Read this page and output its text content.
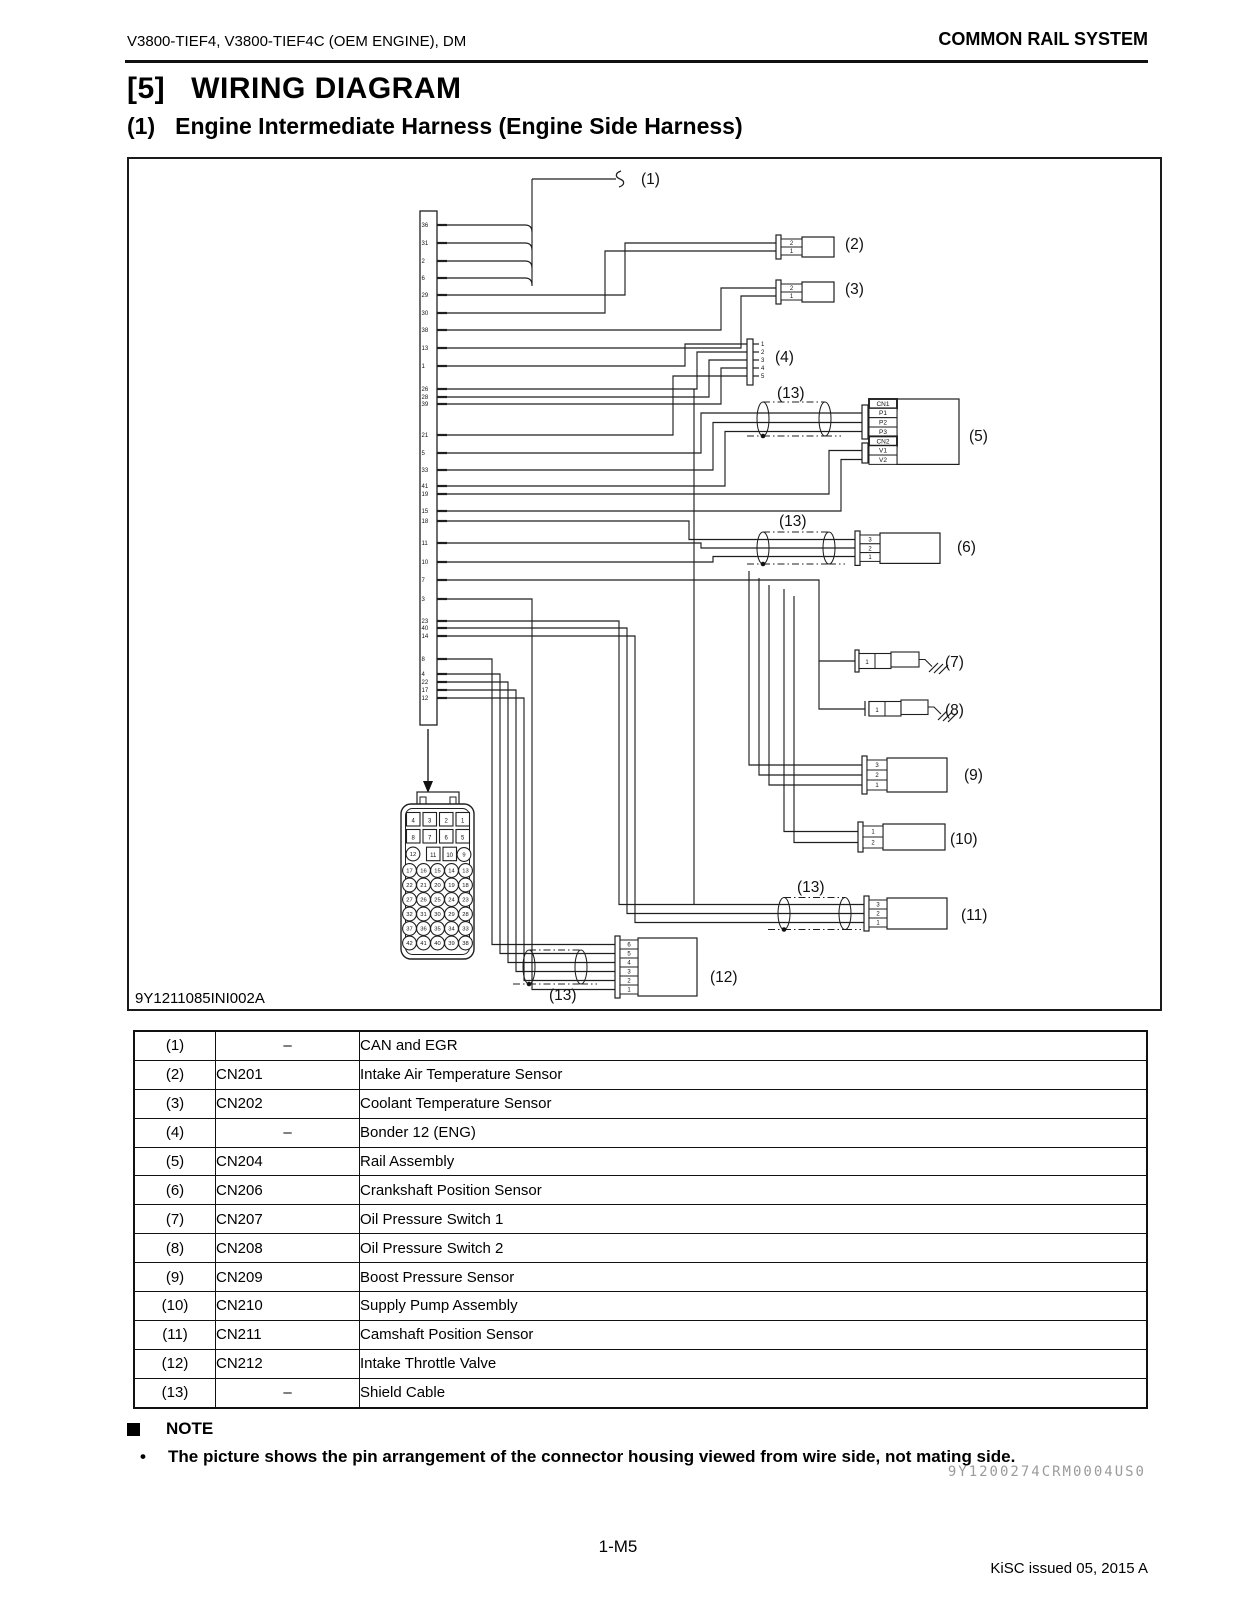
V3800-TIEF4, V3800-TIEF4C (OEM ENGINE), DM	COMMON RAIL SYSTEM
[5] WIRING DIAGRAM
(1) Engine Intermediate Harness (Engine Side Harness)
36
31
2
6
29
30
38
13
1
26
28
39
21
5
33
41
19
15
18
11
10
7
3
23
40
14
8
4
22
17
12
4 3 2 1
8 7 6 5
12 11 10 9
17 16 15 14 13
22 21 20 19 18
27 26 25 24 23
32 31 30 29 28
37 36 35 34 33
42 41 40 39 38
2
1
2
1
3
2
1
3
2
1
1
2
3
2
1
6
5
4
3
2
1
1
2
3
4
5
CN1
P1
P2
P3
CN2
V1
V2
1
1
(1)
(2)
(3)
(4)
(5)
(6)
(7)
(8)
(9)
(10)
(11)
(12)
(13)
(13)
(13)
(13)
9Y1211085INI002A
(1)	–	CAN and EGR
(2)	CN201	Intake Air Temperature Sensor
(3)	CN202	Coolant Temperature Sensor
(4)	–	Bonder 12 (ENG)
(5)	CN204	Rail Assembly
(6)	CN206	Crankshaft Position Sensor
(7)	CN207	Oil Pressure Switch 1
(8)	CN208	Oil Pressure Switch 2
(9)	CN209	Boost Pressure Sensor
(10)	CN210	Supply Pump Assembly
(11)	CN211	Camshaft Position Sensor
(12)	CN212	Intake Throttle Valve
(13)	–	Shield Cable
NOTE
•	The picture shows the pin arrangement of the connector housing viewed from wire side, not mating side.
9Y1200274CRM0004US0
1-M5
KiSC issued 05, 2015 A
